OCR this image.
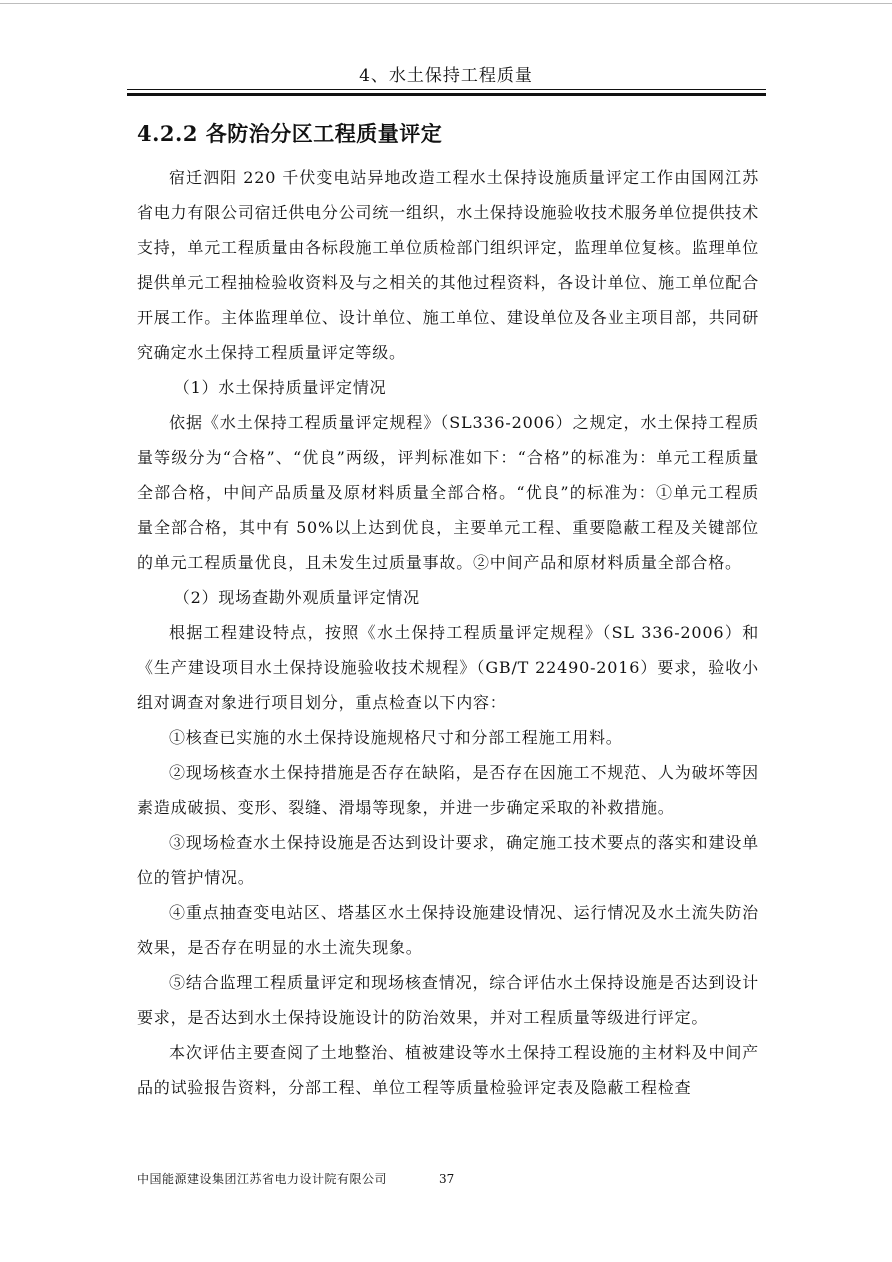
4、水土保持工程质量
4.2.2 各防治分区工程质量评定

宿迁泗阳 220 千伏变电站异地改造工程水土保持设施质量评定工作由国网江苏省电力有限公司宿迁供电分公司统一组织，水土保持设施验收技术服务单位提供技术支持，单元工程质量由各标段施工单位质检部门组织评定，监理单位复核。监理单位提供单元工程抽检验收资料及与之相关的其他过程资料，各设计单位、施工单位配合开展工作。主体监理单位、设计单位、施工单位、建设单位及各业主项目部，共同研究确定水土保持工程质量评定等级。

（1）水土保持质量评定情况

依据《水土保持工程质量评定规程》（SL336-2006）之规定，水土保持工程质量等级分为“合格”、“优良”两级，评判标准如下：“合格”的标准为：单元工程质量全部合格，中间产品质量及原材料质量全部合格。“优良”的标准为：①单元工程质量全部合格，其中有 50%以上达到优良，主要单元工程、重要隐蔽工程及关键部位的单元工程质量优良，且未发生过质量事故。②中间产品和原材料质量全部合格。

（2）现场查勘外观质量评定情况

根据工程建设特点，按照《水土保持工程质量评定规程》（SL 336-2006）和《生产建设项目水土保持设施验收技术规程》（GB/T 22490-2016）要求，验收小组对调查对象进行项目划分，重点检查以下内容：

①核查已实施的水土保持设施规格尺寸和分部工程施工用料。

②现场核查水土保持措施是否存在缺陷，是否存在因施工不规范、人为破坏等因素造成破损、变形、裂缝、滑塌等现象，并进一步确定采取的补救措施。

③现场检查水土保持设施是否达到设计要求，确定施工技术要点的落实和建设单位的管护情况。

④重点抽查变电站区、塔基区水土保持设施建设情况、运行情况及水土流失防治效果，是否存在明显的水土流失现象。

⑤结合监理工程质量评定和现场核查情况，综合评估水土保持设施是否达到设计要求，是否达到水土保持设施设计的防治效果，并对工程质量等级进行评定。

本次评估主要查阅了土地整治、植被建设等水土保持工程设施的主材料及中间产品的试验报告资料，分部工程、单位工程等质量检验评定表及隐蔽工程检查

中国能源建设集团江苏省电力设计院有限公司	37
